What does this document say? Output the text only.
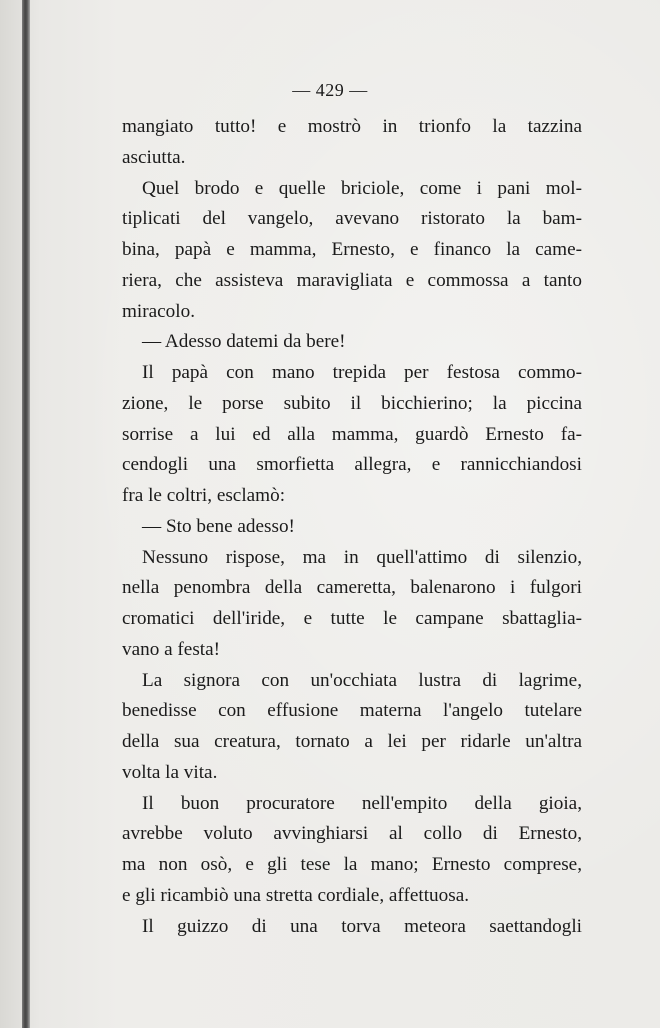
— 429 —
mangiato tutto! e mostrò in trionfo la tazzina
asciutta.
Quel brodo e quelle briciole, come i pani mol-
tiplicati del vangelo, avevano ristorato la bam-
bina, papà e mamma, Ernesto, e financo la came-
riera, che assisteva maravigliata e commossa a tanto
miracolo.
— Adesso datemi da bere!
Il papà con mano trepida per festosa commo-
zione, le porse subito il bicchierino; la piccina
sorrise a lui ed alla mamma, guardò Ernesto fa-
cendogli una smorfietta allegra, e rannicchiandosi
fra le coltri, esclamò:
— Sto bene adesso!
Nessuno rispose, ma in quell'attimo di silenzio,
nella penombra della cameretta, balenarono i fulgori
cromatici dell'iride, e tutte le campane sbattaglia-
vano a festa!
La signora con un'occhiata lustra di lagrime,
benedisse con effusione materna l'angelo tutelare
della sua creatura, tornato a lei per ridarle un'altra
volta la vita.
Il buon procuratore nell'empito della gioia,
avrebbe voluto avvinghiarsi al collo di Ernesto,
ma non osò, e gli tese la mano; Ernesto comprese,
e gli ricambiò una stretta cordiale, affettuosa.
Il guizzo di una torva meteora saettandogli
